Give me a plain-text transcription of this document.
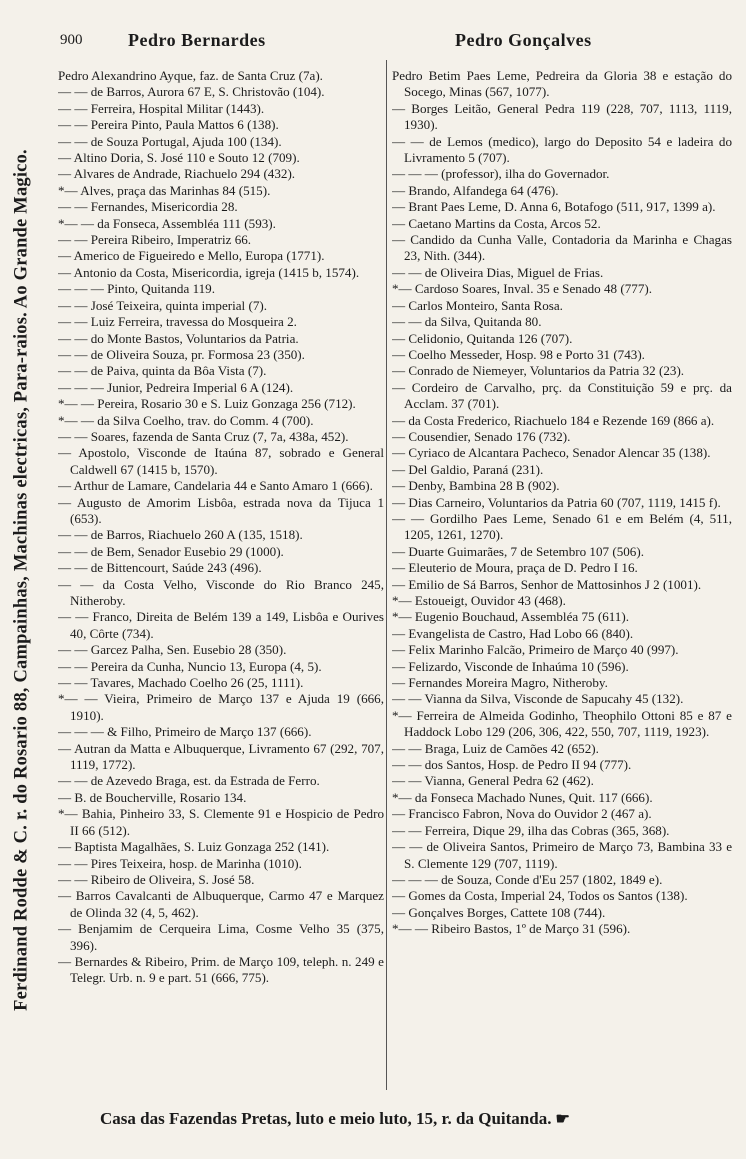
Ferdinand Rodde & C. r. do Rosario 88, Campainhas, Machinas electricas, Para-raios. Ao Grande Magico.
900	Pedro Bernardes	Pedro Gonçalves

Pedro Alexandrino Ayque, faz. de Santa Cruz (7a).

— — de Barros, Aurora 67 E, S. Christovão (104).

— — Ferreira, Hospital Militar (1443).

— — Pereira Pinto, Paula Mattos 6 (138).

— — de Souza Portugal, Ajuda 100 (134).

— Altino Doria, S. José 110 e Souto 12 (709).

— Alvares de Andrade, Riachuelo 294 (432).

*— Alves, praça das Marinhas 84 (515).

— — Fernandes, Misericordia 28.

*— — da Fonseca, Assembléa 111 (593).

— — Pereira Ribeiro, Imperatriz 66.

— Americo de Figueiredo e Mello, Europa (1771).

— Antonio da Costa, Misericordia, igreja (1415 b, 1574).

— — — Pinto, Quitanda 119.

— — José Teixeira, quinta imperial (7).

— — Luiz Ferreira, travessa do Mosqueira 2.

— — do Monte Bastos, Voluntarios da Patria.

— — de Oliveira Souza, pr. Formosa 23 (350).

— — de Paiva, quinta da Bôa Vista (7).

— — — Junior, Pedreira Imperial 6 A (124).

*— — Pereira, Rosario 30 e S. Luiz Gonzaga 256 (712).

*— — da Silva Coelho, trav. do Comm. 4 (700).

— — Soares, fazenda de Santa Cruz (7, 7a, 438a, 452).

— Apostolo, Visconde de Itaúna 87, sobrado e General Caldwell 67 (1415 b, 1570).

— Arthur de Lamare, Candelaria 44 e Santo Amaro 1 (666).

— Augusto de Amorim Lisbôa, estrada nova da Tijuca 1 (653).

— — de Barros, Riachuelo 260 A (135, 1518).

— — de Bem, Senador Eusebio 29 (1000).

— — de Bittencourt, Saúde 243 (496).

— — da Costa Velho, Visconde do Rio Branco 245, Nitheroby.

— — Franco, Direita de Belém 139 a 149, Lisbôa e Ourives 40, Côrte (734).

— — Garcez Palha, Sen. Eusebio 28 (350).

— — Pereira da Cunha, Nuncio 13, Europa (4, 5).

— — Tavares, Machado Coelho 26 (25, 1111).

*— — Vieira, Primeiro de Março 137 e Ajuda 19 (666, 1910).

— — — & Filho, Primeiro de Março 137 (666).

— Autran da Matta e Albuquerque, Livramento 67 (292, 707, 1119, 1772).

— — de Azevedo Braga, est. da Estrada de Ferro.

— B. de Boucherville, Rosario 134.

*— Bahia, Pinheiro 33, S. Clemente 91 e Hospicio de Pedro II 66 (512).

— Baptista Magalhães, S. Luiz Gonzaga 252 (141).

— — Pires Teixeira, hosp. de Marinha (1010).

— — Ribeiro de Oliveira, S. José 58.

— Barros Cavalcanti de Albuquerque, Carmo 47 e Marquez de Olinda 32 (4, 5, 462).

— Benjamim de Cerqueira Lima, Cosme Velho 35 (375, 396).

— Bernardes & Ribeiro, Prim. de Março 109, teleph. n. 249 e Telegr. Urb. n. 9 e part. 51 (666, 775).

Pedro Betim Paes Leme, Pedreira da Gloria 38 e estação do Socego, Minas (567, 1077).

— Borges Leitão, General Pedra 119 (228, 707, 1113, 1119, 1930).

— — de Lemos (medico), largo do Deposito 54 e ladeira do Livramento 5 (707).

— — — (professor), ilha do Governador.

— Brando, Alfandega 64 (476).

— Brant Paes Leme, D. Anna 6, Botafogo (511, 917, 1399 a).

— Caetano Martins da Costa, Arcos 52.

— Candido da Cunha Valle, Contadoria da Marinha e Chagas 23, Nith. (344).

— — de Oliveira Dias, Miguel de Frias.

*— Cardoso Soares, Inval. 35 e Senado 48 (777).

— Carlos Monteiro, Santa Rosa.

— — da Silva, Quitanda 80.

— Celidonio, Quitanda 126 (707).

— Coelho Messeder, Hosp. 98 e Porto 31 (743).

— Conrado de Niemeyer, Voluntarios da Patria 32 (23).

— Cordeiro de Carvalho, prç. da Constituição 59 e prç. da Acclam. 37 (701).

— da Costa Frederico, Riachuelo 184 e Rezende 169 (866 a).

— Cousendier, Senado 176 (732).

— Cyriaco de Alcantara Pacheco, Senador Alencar 35 (138).

— Del Galdio, Paraná (231).

— Denby, Bambina 28 B (902).

— Dias Carneiro, Voluntarios da Patria 60 (707, 1119, 1415 f).

— — Gordilho Paes Leme, Senado 61 e em Belém (4, 511, 1205, 1261, 1270).

— Duarte Guimarães, 7 de Setembro 107 (506).

— Eleuterio de Moura, praça de D. Pedro I 16.

— Emilio de Sá Barros, Senhor de Mattosinhos J 2 (1001).

*— Estoueigt, Ouvidor 43 (468).

*— Eugenio Bouchaud, Assembléa 75 (611).

— Evangelista de Castro, Had Lobo 66 (840).

— Felix Marinho Falcão, Primeiro de Março 40 (997).

— Felizardo, Visconde de Inhaúma 10 (596).

— Fernandes Moreira Magro, Nitheroby.

— — Vianna da Silva, Visconde de Sapucahy 45 (132).

*— Ferreira de Almeida Godinho, Theophilo Ottoni 85 e 87 e Haddock Lobo 129 (206, 306, 422, 550, 707, 1119, 1923).

— — Braga, Luiz de Camões 42 (652).

— — dos Santos, Hosp. de Pedro II 94 (777).

— — Vianna, General Pedra 62 (462).

*— da Fonseca Machado Nunes, Quit. 117 (666).

— Francisco Fabron, Nova do Ouvidor 2 (467 a).

— — Ferreira, Dique 29, ilha das Cobras (365, 368).

— — de Oliveira Santos, Primeiro de Março 73, Bambina 33 e S. Clemente 129 (707, 1119).

— — — de Souza, Conde d'Eu 257 (1802, 1849 e).

— Gomes da Costa, Imperial 24, Todos os Santos (138).

— Gonçalves Borges, Cattete 108 (744).

*— — Ribeiro Bastos, 1º de Março 31 (596).

Casa das Fazendas Pretas, luto e meio luto, 15, r. da Quitanda. ☛
